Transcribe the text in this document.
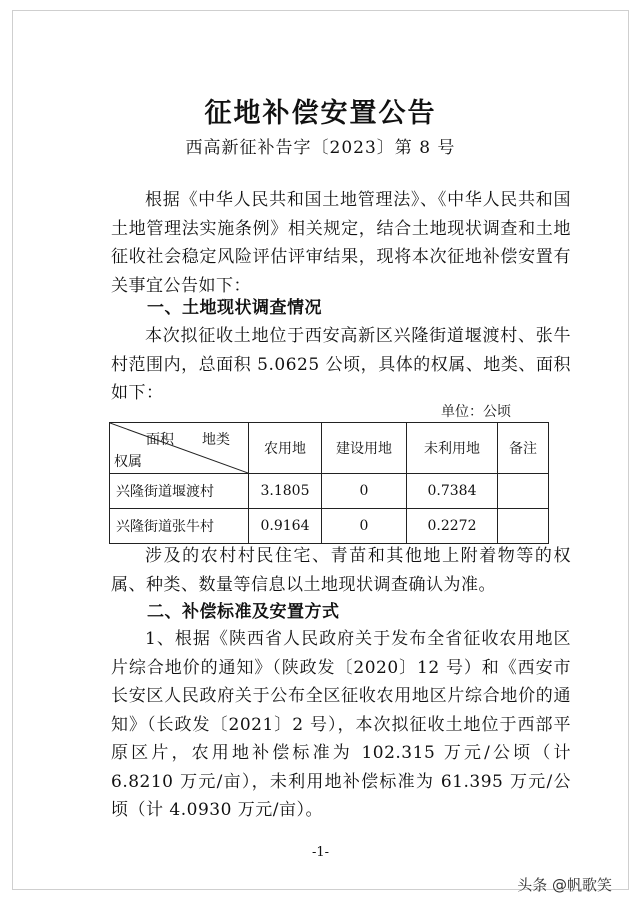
征地补偿安置公告
西高新征补告字〔2023〕第 8 号

根据《中华人民共和国土地管理法》、《中华人民共和国土地管理法实施条例》相关规定，结合土地现状调查和土地征收社会稳定风险评估评审结果，现将本次征地补偿安置有关事宜公告如下：

一、土地现状调查情况

本次拟征收土地位于西安高新区兴隆街道堰渡村、张牛村范围内，总面积 5.0625 公顷，具体的权属、地类、面积如下：

单位：公顷
面积　　地类
权属	农用地	建设用地	未利用地	备注
兴隆街道堰渡村	3.1805	0	0.7384	
兴隆街道张牛村	0.9164	0	0.2272	

涉及的农村村民住宅、青苗和其他地上附着物等的权属、种类、数量等信息以土地现状调查确认为准。

二、补偿标准及安置方式

1、根据《陕西省人民政府关于发布全省征收农用地区片综合地价的通知》（陕政发〔2020〕12 号）和《西安市长安区人民政府关于公布全区征收农用地区片综合地价的通知》（长政发〔2021〕2 号），本次拟征收土地位于西部平原区片，农用地补偿标准为 102.315 万元/公顷（计 6.8210 万元/亩），未利用地补偿标准为 61.395 万元/公顷（计 4.0930 万元/亩）。

-1-
头条 @帆歌笑
